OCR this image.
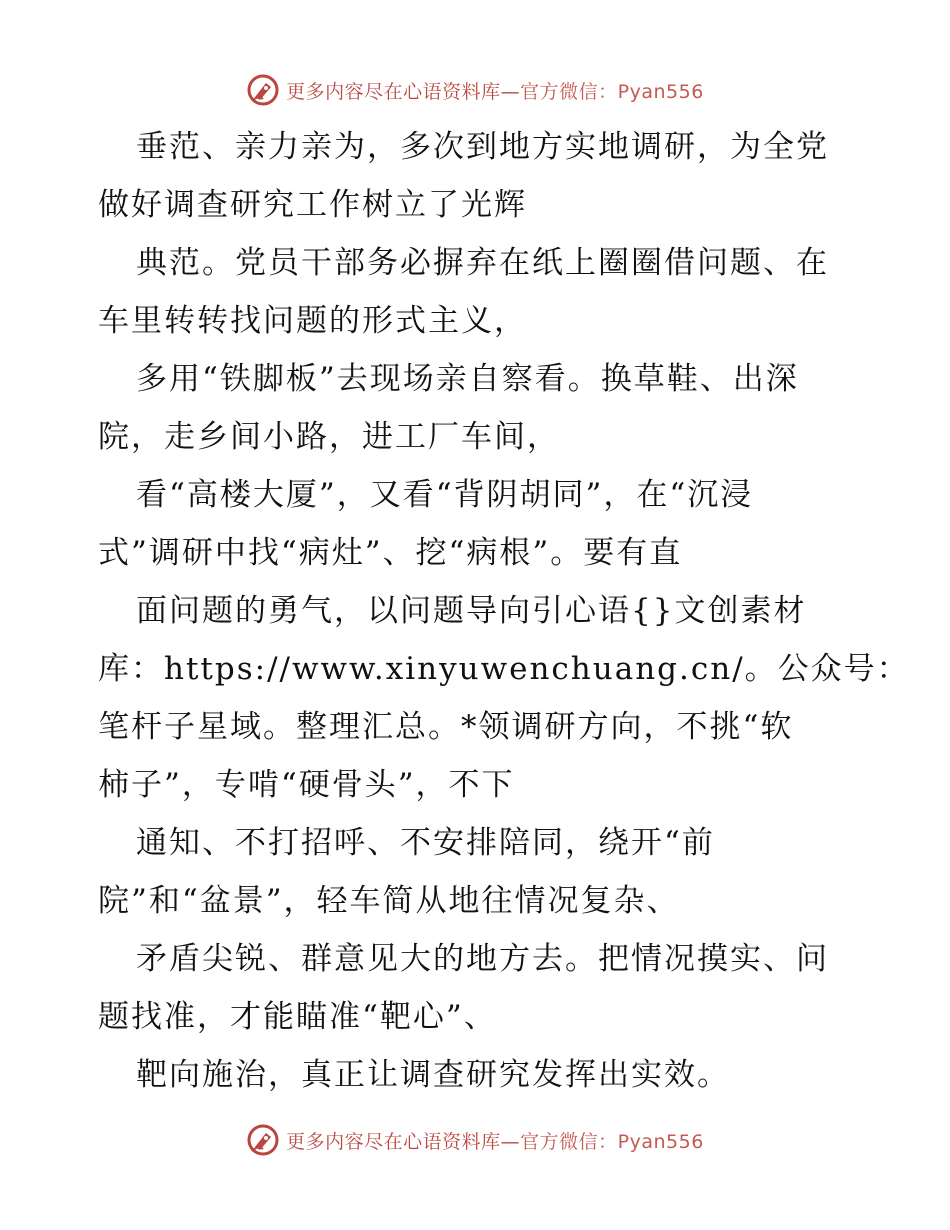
更多内容尽在心语资料库—官方微信：Pyan556
垂范、亲力亲为，多次到地方实地调研，为全党
做好调查研究工作树立了光辉
典范。党员干部务必摒弃在纸上圈圈借问题、在
车里转转找问题的形式主义，
多用“铁脚板”去现场亲自察看。换草鞋、出深
院，走乡间小路，进工厂车间，
看“高楼大厦”，又看“背阴胡同”，在“沉浸
式”调研中找“病灶”、挖“病根”。要有直
面问题的勇气，以问题导向引心语{}文创素材
库：https://www.xinyuwenchuang.cn/。公众号：
笔杆子星域。整理汇总。*领调研方向，不挑“软
柿子”，专啃“硬骨头”，不下
通知、不打招呼、不安排陪同，绕开“前
院”和“盆景”，轻车简从地往情况复杂、
矛盾尖锐、群意见大的地方去。把情况摸实、问
题找准，才能瞄准“靶心”、
靶向施治，真正让调查研究发挥出实效。
更多内容尽在心语资料库—官方微信：Pyan556
